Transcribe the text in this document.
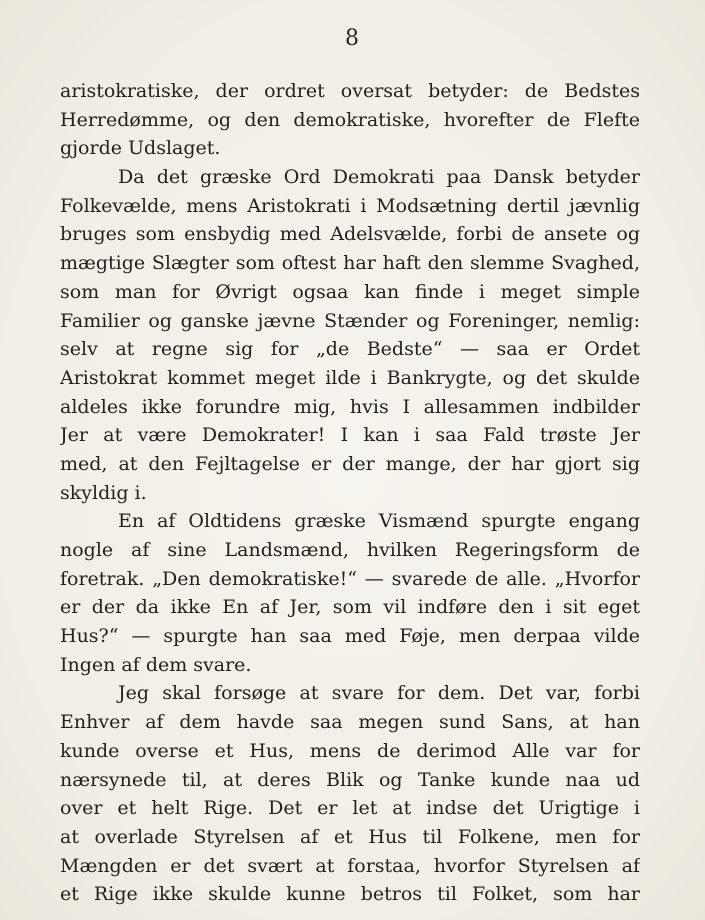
8
aristokratiske, der ordret oversat betyder: de Bedstes
Herredømme, og den demokratiske, hvorefter de Flefte
gjorde Udslaget.
Da det græske Ord Demokrati paa Dansk betyder
Folkevælde, mens Aristokrati i Modsætning dertil jævnlig
bruges som ensbydig med Adelsvælde, forbi de ansete og
mægtige Slægter som oftest har haft den slemme Svaghed,
som man for Øvrigt ogsaa kan finde i meget simple
Familier og ganske jævne Stænder og Foreninger, nemlig:
selv at regne sig for „de Bedste“ — saa er Ordet
Aristokrat kommet meget ilde i Bankrygte, og det skulde
aldeles ikke forundre mig, hvis I allesammen indbilder
Jer at være Demokrater! I kan i saa Fald trøste Jer
med, at den Fejltagelse er der mange, der har gjort sig
skyldig i.
En af Oldtidens græske Vismænd spurgte engang
nogle af sine Landsmænd, hvilken Regeringsform de
foretrak. „Den demokratiske!“ — svarede de alle. „Hvorfor
er der da ikke En af Jer, som vil indføre den i sit eget
Hus?“ — spurgte han saa med Føje, men derpaa vilde
Ingen af dem svare.
Jeg skal forsøge at svare for dem. Det var, forbi
Enhver af dem havde saa megen sund Sans, at han
kunde overse et Hus, mens de derimod Alle var for
nærsynede til, at deres Blik og Tanke kunde naa ud
over et helt Rige. Det er let at indse det Urigtige i
at overlade Styrelsen af et Hus til Folkene, men for
Mængden er det svært at forstaa, hvorfor Styrelsen af
et Rige ikke skulde kunne betros til Folket, som har
